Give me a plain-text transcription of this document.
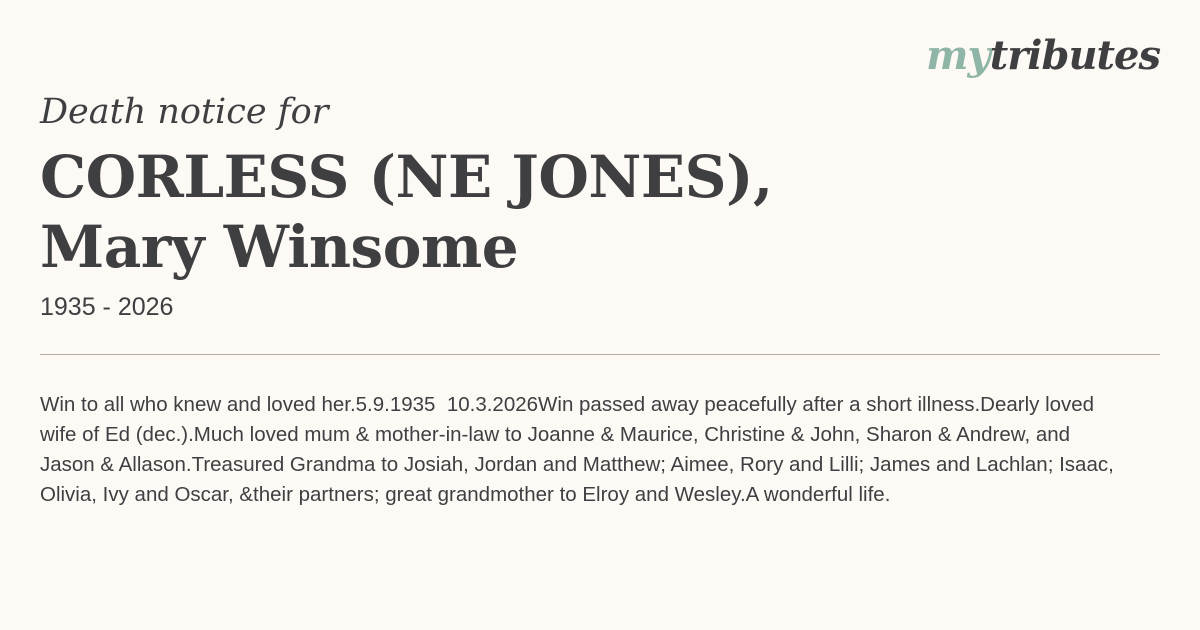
mytributes
Death notice for
CORLESS (NE JONES),
Mary Winsome

1935 - 2026

Win to all who knew and loved her.5.9.1935  10.3.2026Win passed away peacefully after a short illness.Dearly loved wife of Ed (dec.).Much loved mum & mother-in-law to Joanne & Maurice, Christine & John, Sharon & Andrew, and Jason & Allason.Treasured Grandma to Josiah, Jordan and Matthew; Aimee, Rory and Lilli; James and Lachlan; Isaac, Olivia, Ivy and Oscar, &their partners; great grandmother to Elroy and Wesley.A wonderful life.
